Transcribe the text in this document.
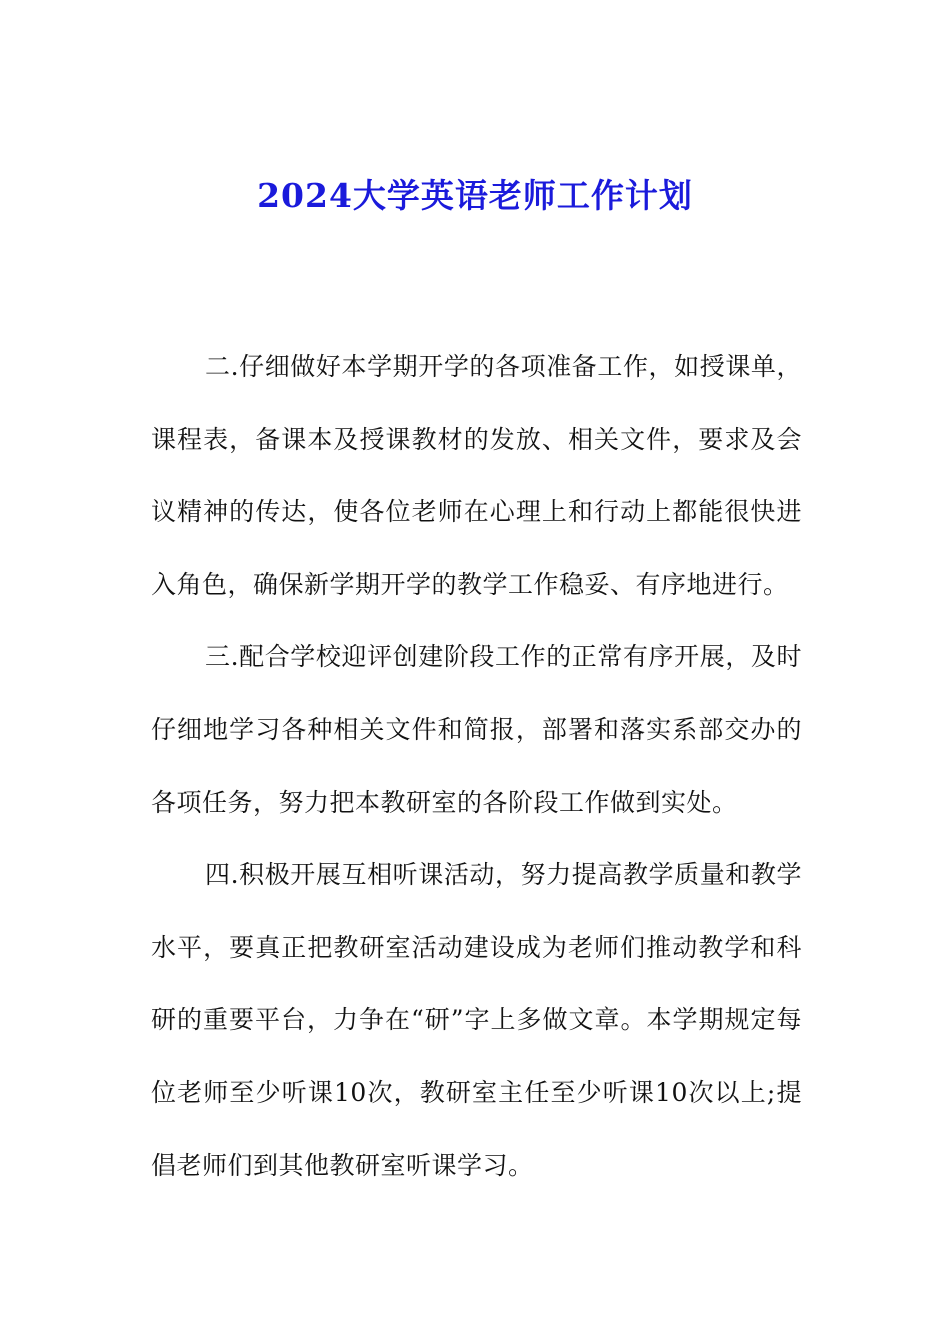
2024大学英语老师工作计划

二.仔细做好本学期开学的各项准备工作，如授课单，课程表，备课本及授课教材的发放、相关文件，要求及会议精神的传达，使各位老师在心理上和行动上都能很快进入角色，确保新学期开学的教学工作稳妥、有序地进行。

三.配合学校迎评创建阶段工作的正常有序开展，及时仔细地学习各种相关文件和简报，部署和落实系部交办的各项任务，努力把本教研室的各阶段工作做到实处。

四.积极开展互相听课活动，努力提高教学质量和教学水平，要真正把教研室活动建设成为老师们推动教学和科研的重要平台，力争在“研”字上多做文章。本学期规定每位老师至少听课10次，教研室主任至少听课10次以上;提倡老师们到其他教研室听课学习。
